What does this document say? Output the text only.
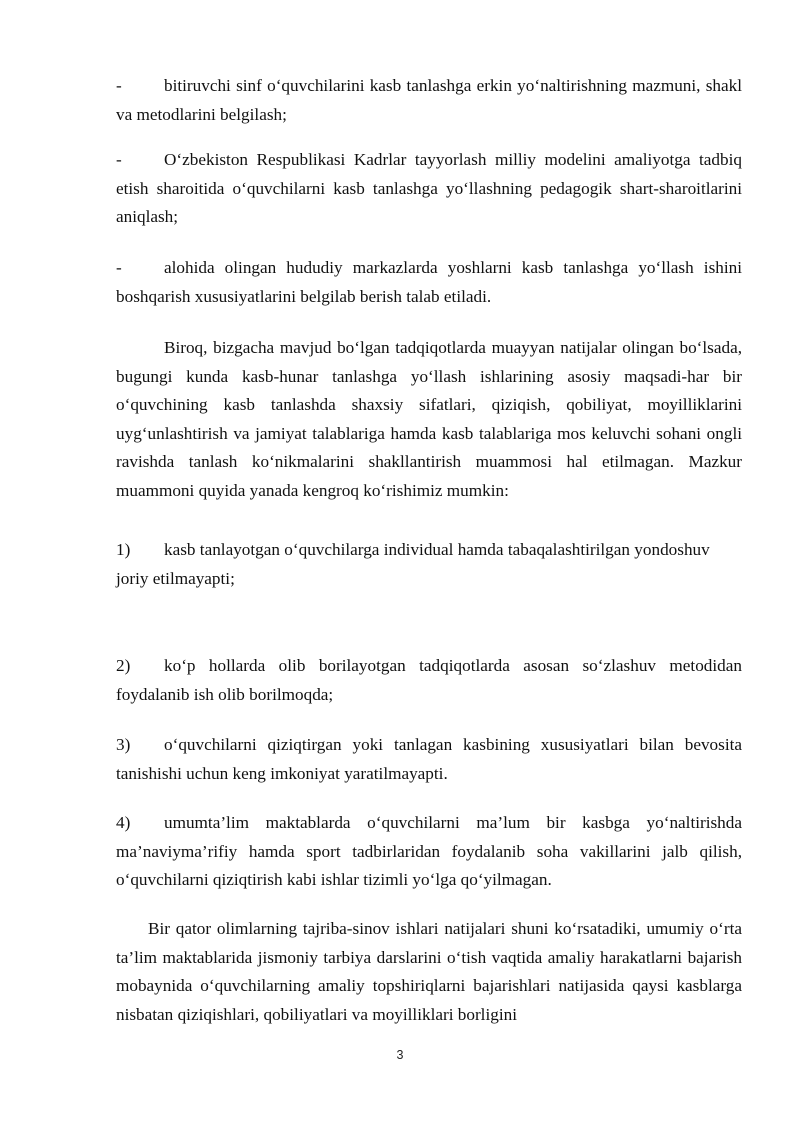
-	bitiruvchi sinf o‘quvchilarini kasb tanlashga erkin yo‘naltirishning mazmuni, shakl va metodlarini belgilash;
-	O‘zbekiston Respublikasi Kadrlar tayyorlash milliy modelini amaliyotga tadbiq etish sharoitida o‘quvchilarni kasb tanlashga yo‘llashning pedagogik shart-sharoitlarini aniqlash;
-	alohida olingan hududiy markazlarda yoshlarni kasb tanlashga yo‘llash ishini boshqarish xususiyatlarini belgilab berish talab etiladi.

Biroq, bizgacha mavjud bo‘lgan tadqiqotlarda muayyan natijalar olingan bo‘lsada, bugungi kunda kasb-hunar tanlashga yo‘llash ishlarining asosiy maqsadi-har bir o‘quvchining kasb tanlashda shaxsiy sifatlari, qiziqish, qobiliyat, moyilliklarini uyg‘unlashtirish va jamiyat talablariga hamda kasb talablariga mos keluvchi sohani ongli ravishda tanlash ko‘nikmalarini shakllantirish muammosi hal etilmagan. Mazkur muammoni quyida yanada kengroq ko‘rishimiz mumkin:

1)	kasb tanlayotgan o‘quvchilarga individual hamda tabaqalashtirilgan yondoshuv
joriy etilmayapti;
2)	ko‘p hollarda olib borilayotgan tadqiqotlarda asosan so‘zlashuv metodidan foydalanib ish olib borilmoqda;
3)	o‘quvchilarni qiziqtirgan yoki tanlagan kasbining xususiyatlari bilan bevosita tanishishi uchun keng imkoniyat yaratilmayapti.
4)	umumta’lim maktablarda o‘quvchilarni ma’lum bir kasbga yo‘naltirishda ma’naviyma’rifiy hamda sport tadbirlaridan foydalanib soha vakillarini jalb qilish, o‘quvchilarni qiziqtirish kabi ishlar tizimli yo‘lga qo‘yilmagan.

Bir qator olimlarning tajriba-sinov ishlari natijalari shuni ko‘rsatadiki, umumiy o‘rta ta’lim maktablarida jismoniy tarbiya darslarini o‘tish vaqtida amaliy harakatlarni bajarish mobaynida o‘quvchilarning amaliy topshiriqlarni bajarishlari natijasida qaysi kasblarga nisbatan qiziqishlari, qobiliyatlari va moyilliklari borligini

3
